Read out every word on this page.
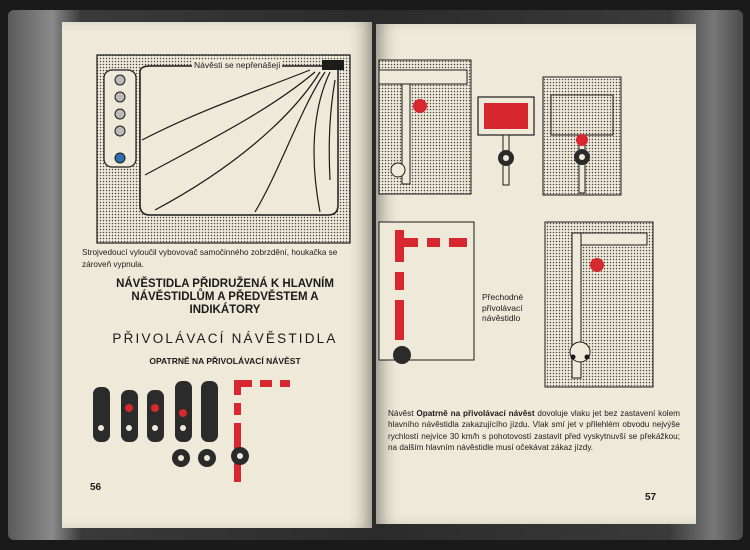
Návěsti se nepřenášejí
Strojvedoucí vyloučil vybovovač samočinného zobrzdění, houkačka se zároveň vypnula.
NÁVĚSTIDLA PŘIDRUŽENÁ K HLAVNÍM NÁVĚSTIDLŮM A PŘEDVĚSTEM A INDIKÁTORY
PŘIVOLÁVACÍ NÁVĚSTIDLA
OPATRNĚ NA PŘIVOLÁVACÍ NÁVĚST
56
Přechodné přivolávací návěstidlo
Návěst Opatrně na přivolávací návěst dovoluje vlaku jet bez zastavení kolem hlavního návěstidla zakazujícího jízdu. Vlak smí jet v přilehlém obvodu nejvýše rychlostí nejvíce 30 km/h s pohotovostí zastavit před vyskytnuvší se překážkou; na dalším hlavním návěstidle musí očekávat zákaz jízdy.
57
